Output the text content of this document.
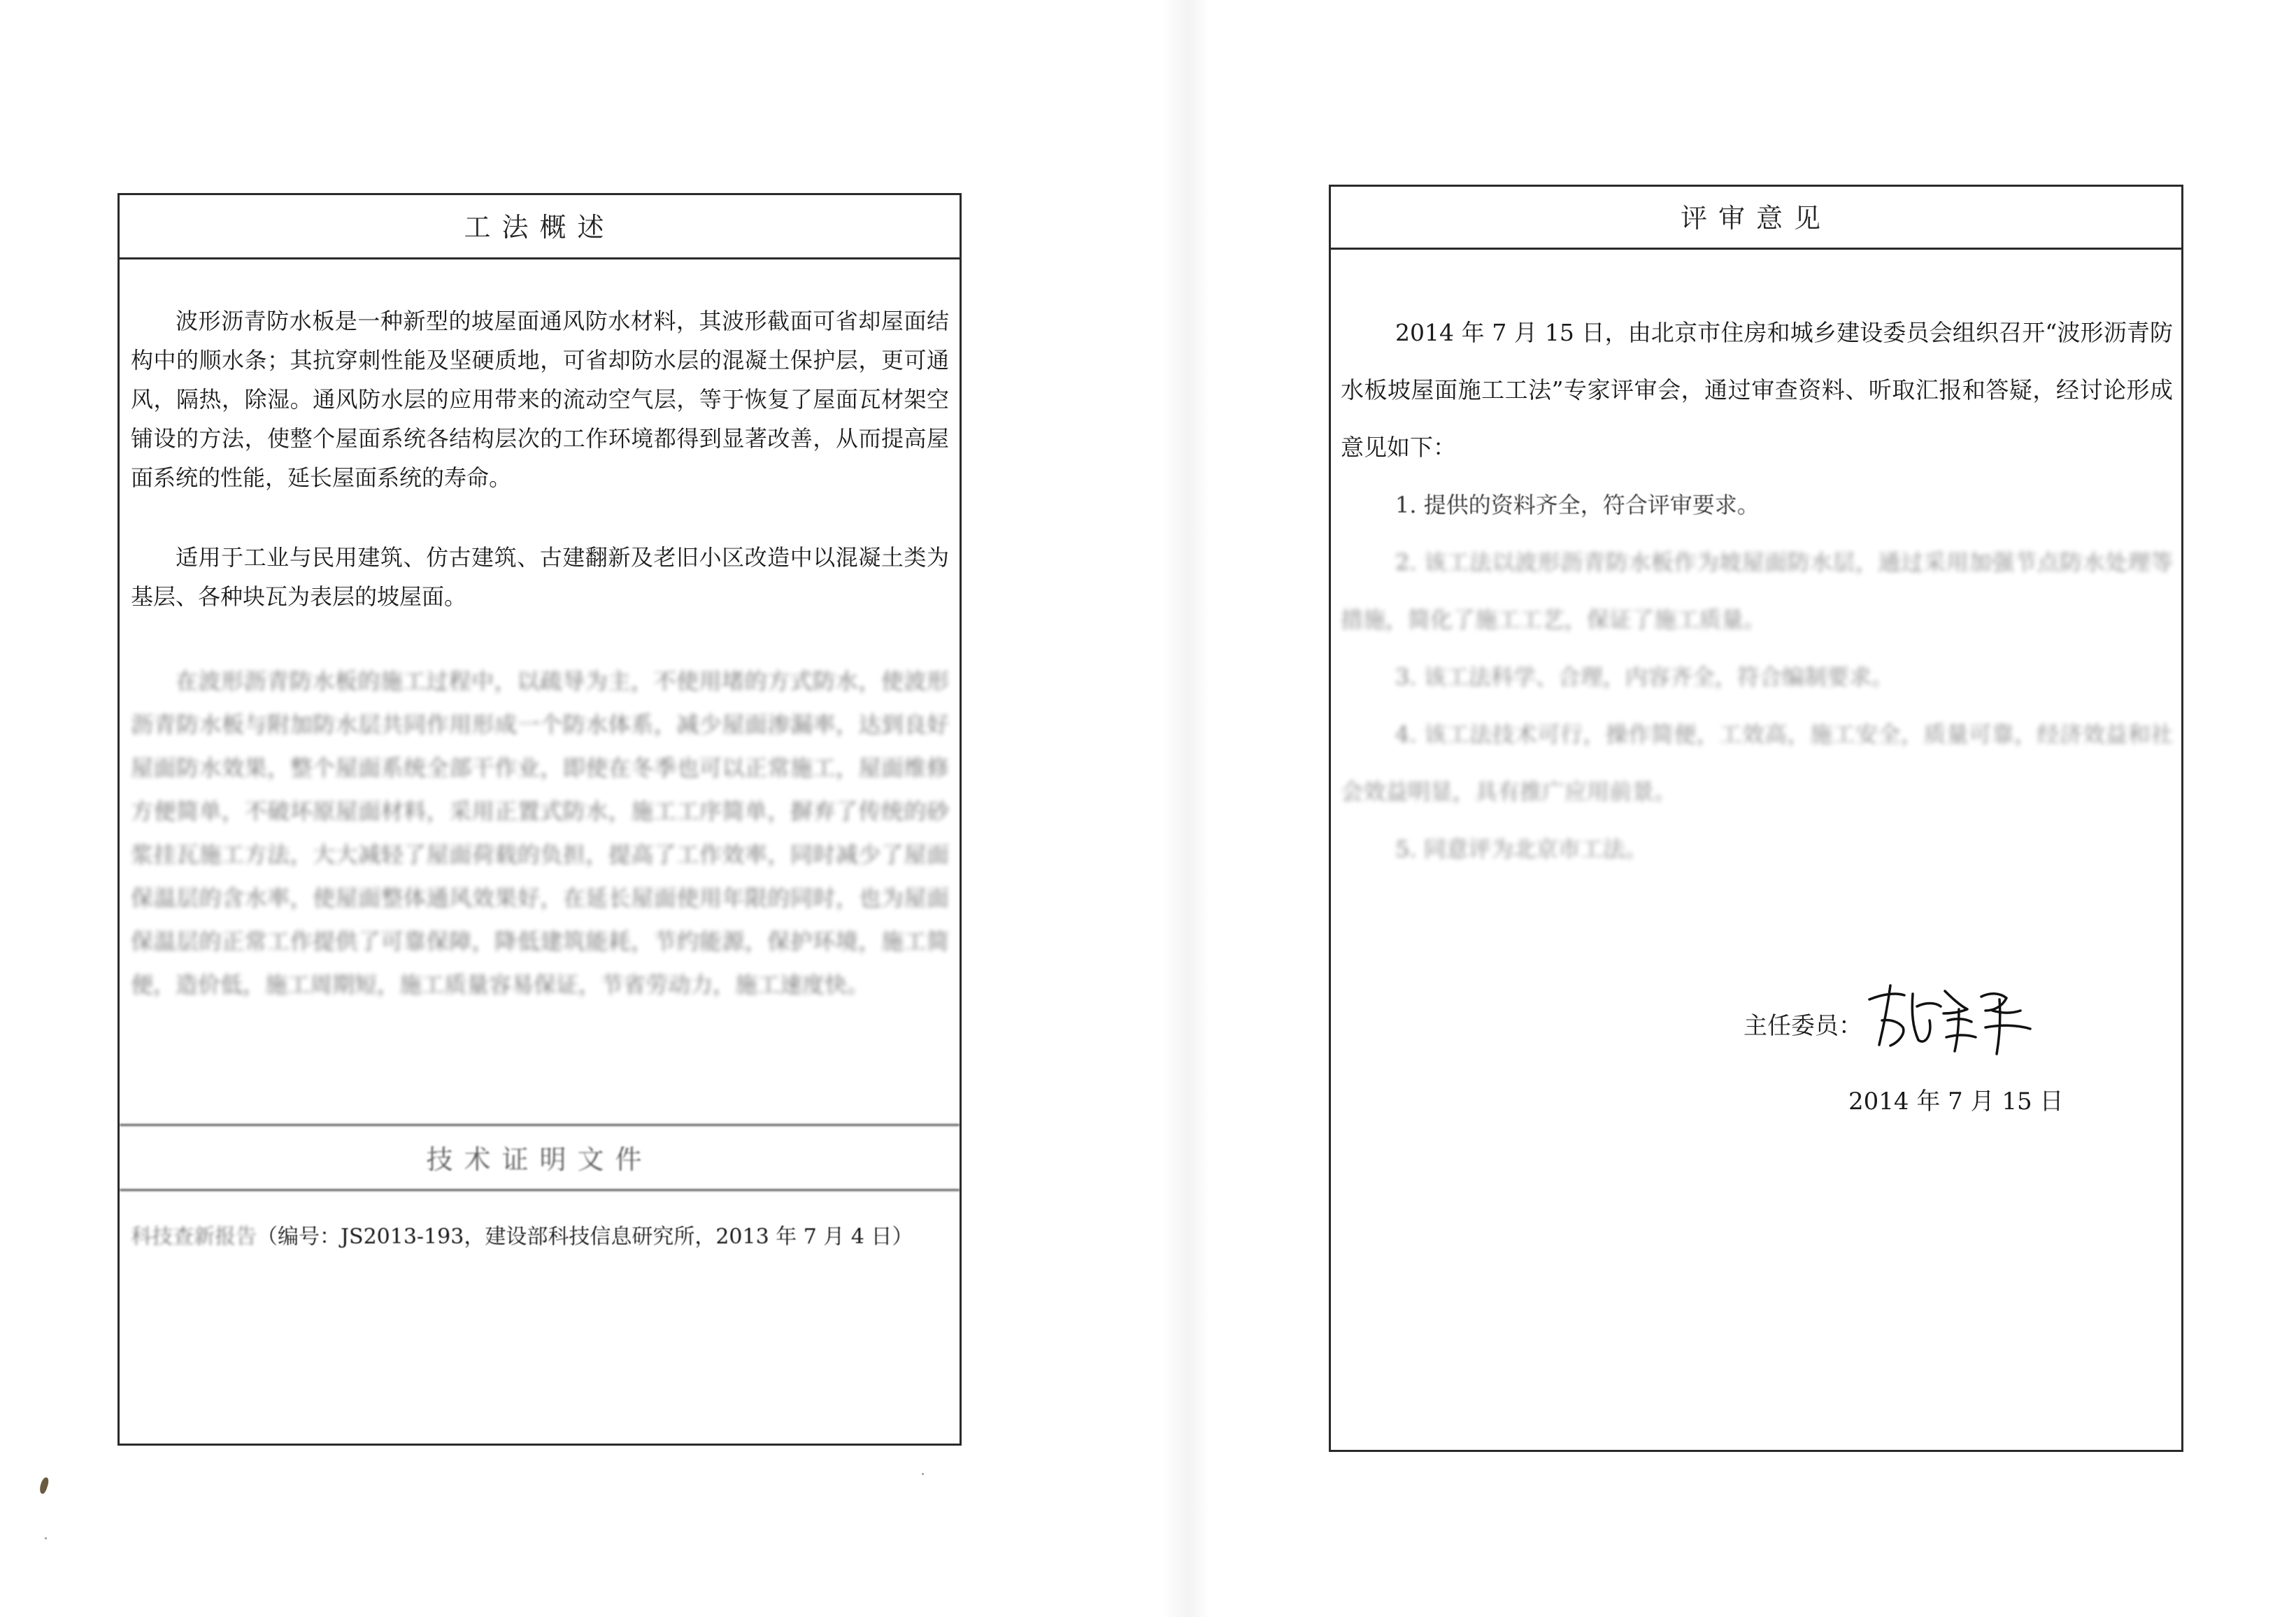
工法概述
波形沥青防水板是一种新型的坡屋面通风防水材料，其波形截面可省却屋面结构中的顺水条；其抗穿刺性能及坚硬质地，可省却防水层的混凝土保护层，更可通风，隔热，除湿。通风防水层的应用带来的流动空气层，等于恢复了屋面瓦材架空铺设的方法，使整个屋面系统各结构层次的工作环境都得到显著改善，从而提高屋面系统的性能，延长屋面系统的寿命。
适用于工业与民用建筑、仿古建筑、古建翻新及老旧小区改造中以混凝土类为基层、各种块瓦为表层的坡屋面。
在波形沥青防水板的施工过程中，以疏导为主，不使用堵的方式防水，使波形沥青防水板与附加防水层共同作用形成一个防水体系，减少屋面渗漏率，达到良好屋面防水效果，整个屋面系统全部干作业，即使在冬季也可以正常施工，屋面维修方便简单，不破坏原屋面材料，采用正置式防水，施工工序简单，摒弃了传统的砂浆挂瓦施工方法，大大减轻了屋面荷载的负担，提高了工作效率，同时减少了屋面保温层的含水率，使屋面整体通风效果好，在延长屋面使用年限的同时，也为屋面保温层的正常工作提供了可靠保障，降低建筑能耗，节约能源，保护环境，施工简便，造价低，施工周期短，施工质量容易保证，节省劳动力，施工速度快。
技术证明文件
科技查新报告（编号：JS2013-193，建设部科技信息研究所，2013 年 7 月 4 日）
评审意见
2014 年 7 月 15 日，由北京市住房和城乡建设委员会组织召开“波形沥青防水板坡屋面施工工法”专家评审会，通过审查资料、听取汇报和答疑，经讨论形成意见如下：
1. 提供的资料齐全，符合评审要求。
2. 该工法以波形沥青防水板作为坡屋面防水层，通过采用加强节点防水处理等措施，简化了施工工艺，保证了施工质量。
3. 该工法科学、合理，内容齐全，符合编制要求。
4. 该工法技术可行，操作简便，工效高，施工安全，质量可靠，经济效益和社会效益明显，具有推广应用前景。
5. 同意评为北京市工法。
主任委员：
2014 年 7 月 15 日
